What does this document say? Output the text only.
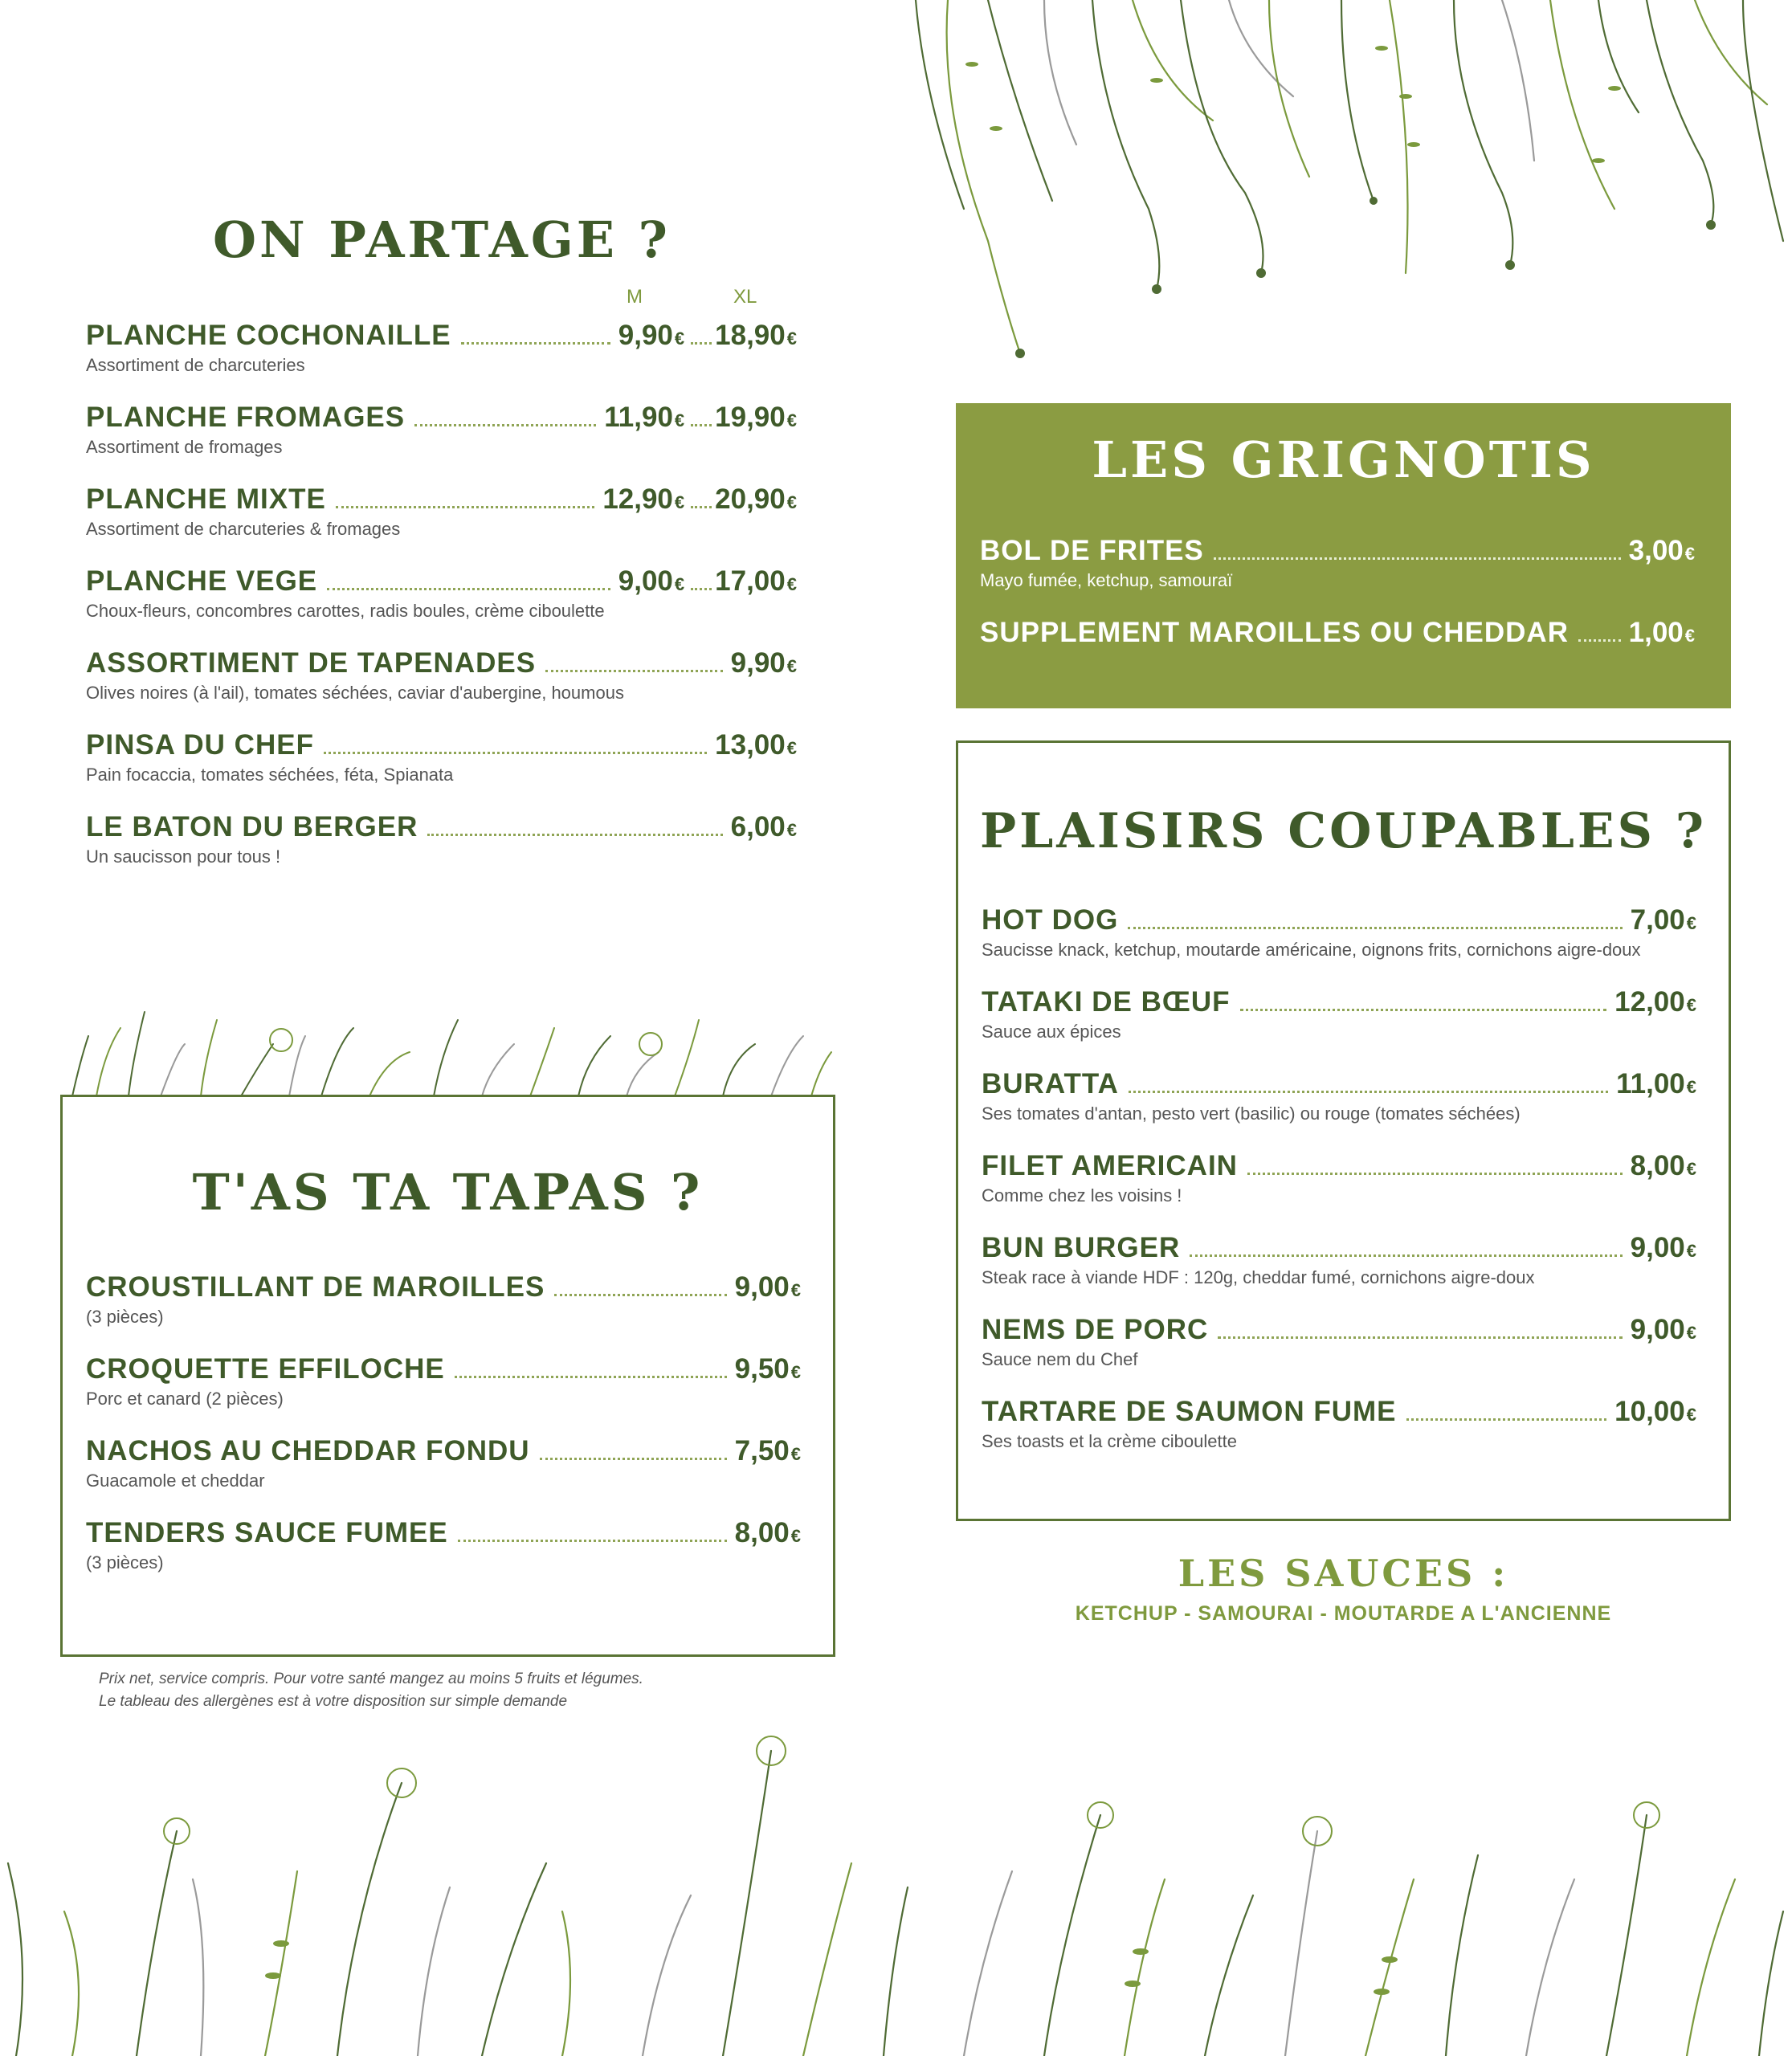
ON PARTAGE ?
M	XL
PLANCHE COCHONAILLE	9,90€ 18,90€
Assortiment de charcuteries
PLANCHE FROMAGES	11,90€ 19,90€
Assortiment de fromages
PLANCHE MIXTE	12,90€ 20,90€
Assortiment de charcuteries & fromages
PLANCHE VEGE	9,00€ 17,00€
Choux-fleurs, concombres carottes, radis boules, crème ciboulette
ASSORTIMENT DE TAPENADES	9,90€
Olives noires (à l'ail), tomates séchées, caviar d'aubergine, houmous
PINSA DU CHEF	13,00€
Pain focaccia, tomates séchées, féta, Spianata
LE BATON DU BERGER	6,00€
Un saucisson pour tous !
T'AS TA TAPAS ?
CROUSTILLANT DE MAROILLES	9,00€
(3 pièces)
CROQUETTE EFFILOCHE	9,50€
Porc et canard (2 pièces)
NACHOS AU CHEDDAR FONDU	7,50€
Guacamole et cheddar
TENDERS SAUCE FUMEE	8,00€
(3 pièces)
Prix net, service compris. Pour votre santé mangez au moins 5 fruits et légumes.
Le tableau des allergènes est à votre disposition sur simple demande
LES GRIGNOTIS
BOL DE FRITES	3,00€
Mayo fumée, ketchup, samouraï
SUPPLEMENT MAROILLES OU CHEDDAR 1,00€
PLAISIRS COUPABLES ?
HOT DOG	7,00€
Saucisse knack, ketchup, moutarde américaine, oignons frits, cornichons aigre-doux
TATAKI DE BŒUF	12,00€
Sauce aux épices
BURATTA	11,00€
Ses tomates d'antan, pesto vert (basilic) ou rouge (tomates séchées)
FILET AMERICAIN	8,00€
Comme chez les voisins !
BUN BURGER	9,00€
Steak race à viande HDF : 120g, cheddar fumé, cornichons aigre-doux
NEMS DE PORC	9,00€
Sauce nem du Chef
TARTARE DE SAUMON FUME	10,00€
Ses toasts et la crème ciboulette
LES SAUCES :
KETCHUP - SAMOURAI - MOUTARDE A L'ANCIENNE
